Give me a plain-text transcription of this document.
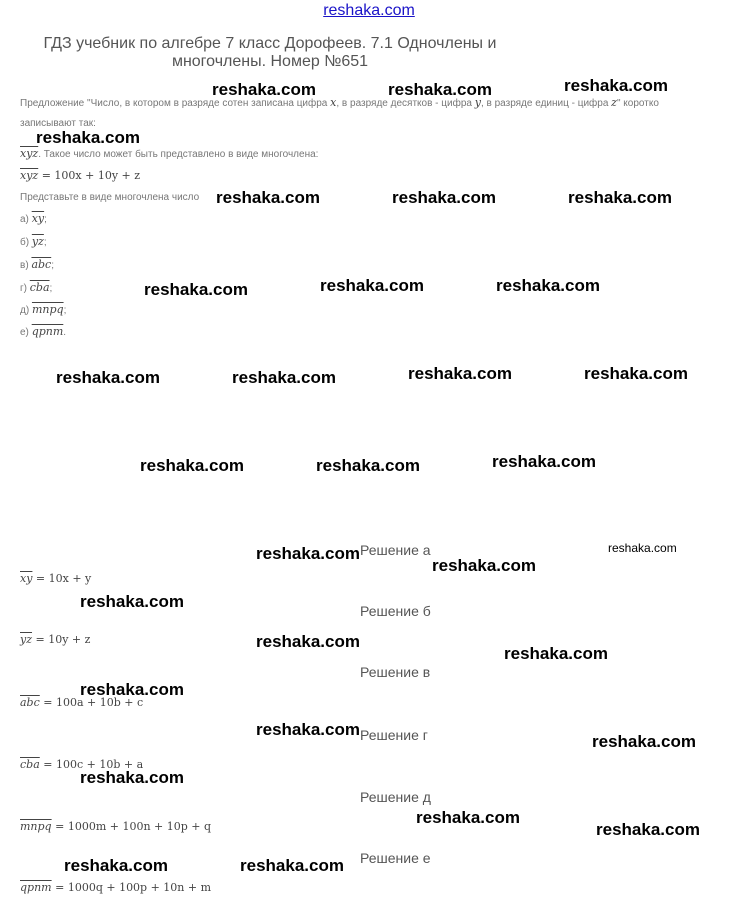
reshaka.com
ГДЗ учебник по алгебре 7 класс Дорофеев. 7.1 Одночлены и
многочлены. Номер №651
Предложение "Число, в котором в разряде сотен записана цифра x, в разряде десятков - цифра y, в разряде единиц - цифра z" коротко
записывают так:
$\overline{xyz}$. Такое число может быть представлено в виде многочлена:
$\overline{xyz} = 100x + 10y + z$
Представьте в виде многочлена число
а) $\overline{xy}$;
б) $\overline{yz}$;
в) $\overline{abc}$;
г) $\overline{cba}$;
д) mnpq;
е) qpnm.
Решение а
$\overline{xy} = 10x + y$
Решение б
$\overline{yz} = 10y + z$
Решение в
$\overline{abc} = 100a + 10b + c$
Решение г
$\overline{cba} = 100c + 10b + a$
Решение д
mnpq = 1000m + 100n + 10p + q
Решение е
qpnm = 1000q + 100p + 10n + m
reshaka.com	reshaka.com	reshaka.com
reshaka.com
reshaka.com	reshaka.com	reshaka.com
reshaka.com	reshaka.com	reshaka.com
reshaka.com	reshaka.com	reshaka.com	reshaka.com
reshaka.com	reshaka.com	reshaka.com
reshaka.com	reshaka.com
reshaka.com
reshaka.com
reshaka.com
reshaka.com
reshaka.com
reshaka.com
reshaka.com
reshaka.com
reshaka.com
reshaka.com
reshaka.com	reshaka.com
